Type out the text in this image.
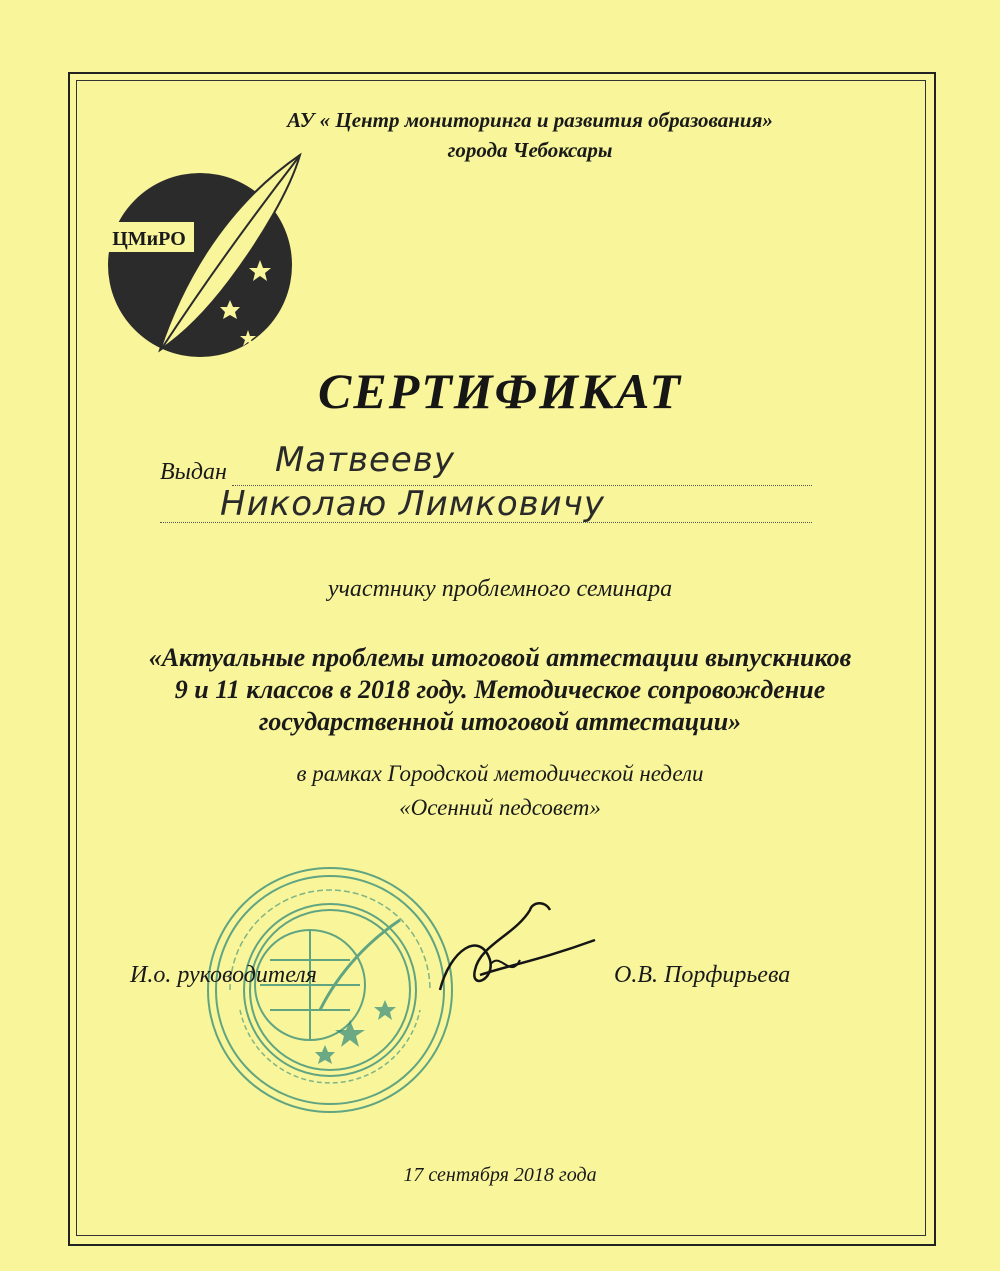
АУ « Центр мониторинга и развития образования»
города Чебоксары
ЦМиРО
СЕРТИФИКАТ
Выдан Матвееву
Николаю Лимковичу
участнику проблемного семинара
«Актуальные проблемы итоговой аттестации выпускников
9 и 11 классов в 2018 году. Методическое сопровождение
государственной итоговой аттестации»
в рамках Городской методической недели
«Осенний педсовет»
И.о. руководителя	О.В. Порфирьева
17 сентября 2018 года
